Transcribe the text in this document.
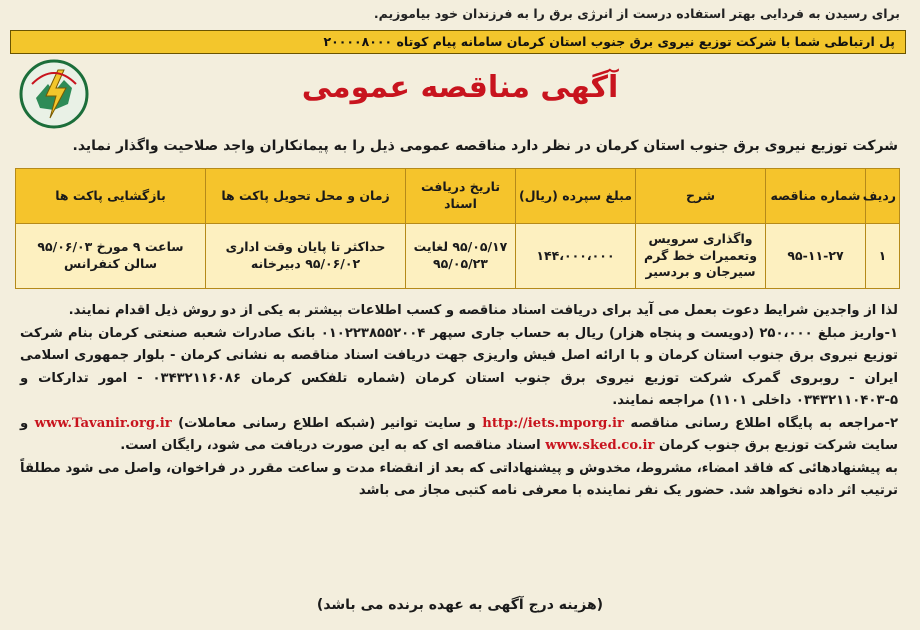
برای رسیدن به فردایی بهتر استفاده درست از انرژی برق را به فرزندان خود بیاموزیم.
پل ارتباطی شما با شرکت توزیع نیروی برق جنوب استان کرمان سامانه پیام کوتاه ۲۰۰۰۰۸۰۰۰
آگهی مناقصه عمومی
شرکت توزیع نیروی برق جنوب استان کرمان در نظر دارد مناقصه عمومی ذیل را به پیمانکاران واجد صلاحیت واگذار نماید.
ردیف	شماره مناقصه	شرح	مبلغ سپرده (ریال)	تاریخ دریافت اسناد	زمان و محل تحویل پاکت ها	بازگشایی پاکت ها
۱	۹۵-۱۱-۲۷	واگذاری سرویس وتعمیرات خط گرم سیرجان و بردسیر	۱۴۴،۰۰۰،۰۰۰	۹۵/۰۵/۱۷ لغایت ۹۵/۰۵/۲۳	حداکثر تا پایان وقت اداری ۹۵/۰۶/۰۲ دبیرخانه	ساعت ۹ مورخ ۹۵/۰۶/۰۳ سالن کنفرانس

لذا از واجدین شرایط دعوت بعمل می آید برای دریافت اسناد مناقصه و کسب اطلاعات بیشتر به یکی از دو روش ذیل اقدام نمایند.

۱-واریز مبلغ ۲۵۰،۰۰۰ (دویست و پنجاه هزار) ریال به حساب جاری سپهر ۰۱۰۲۲۳۸۵۵۲۰۰۴ بانک صادرات شعبه صنعتی کرمان بنام شرکت توزیع نیروی برق جنوب استان کرمان و با ارائه اصل فیش واریزی جهت دریافت اسناد مناقصه به نشانی کرمان - بلوار جمهوری اسلامی ایران - روبروی گمرک شرکت توزیع نیروی برق جنوب استان کرمان (شماره تلفکس کرمان ۰۳۴۳۲۱۱۶۰۸۶ - امور تدارکات و ۵-۰۳۴۳۲۱۱۰۴۰۳ داخلی ۱۱۰۱) مراجعه نمایند.

۲-مراجعه به پایگاه اطلاع رسانی مناقصه http://iets.mporg.ir و سایت توانیر (شبکه اطلاع رسانی معاملات) www.Tavanir.org.ir و سایت شرکت توزیع برق جنوب کرمان www.sked.co.ir اسناد مناقصه ای که به این صورت دریافت می شود، رایگان است.

به پیشنهادهائی که فاقد امضاء، مشروط، مخدوش و پیشنهاداتی که بعد از انقضاء مدت و ساعت مقرر در فراخوان، واصل می شود مطلقاً ترتیب اثر داده نخواهد شد. حضور یک نفر نماینده با معرفی نامه کتبی مجاز می باشد

(هزینه درج آگهی به عهده برنده می باشد)
